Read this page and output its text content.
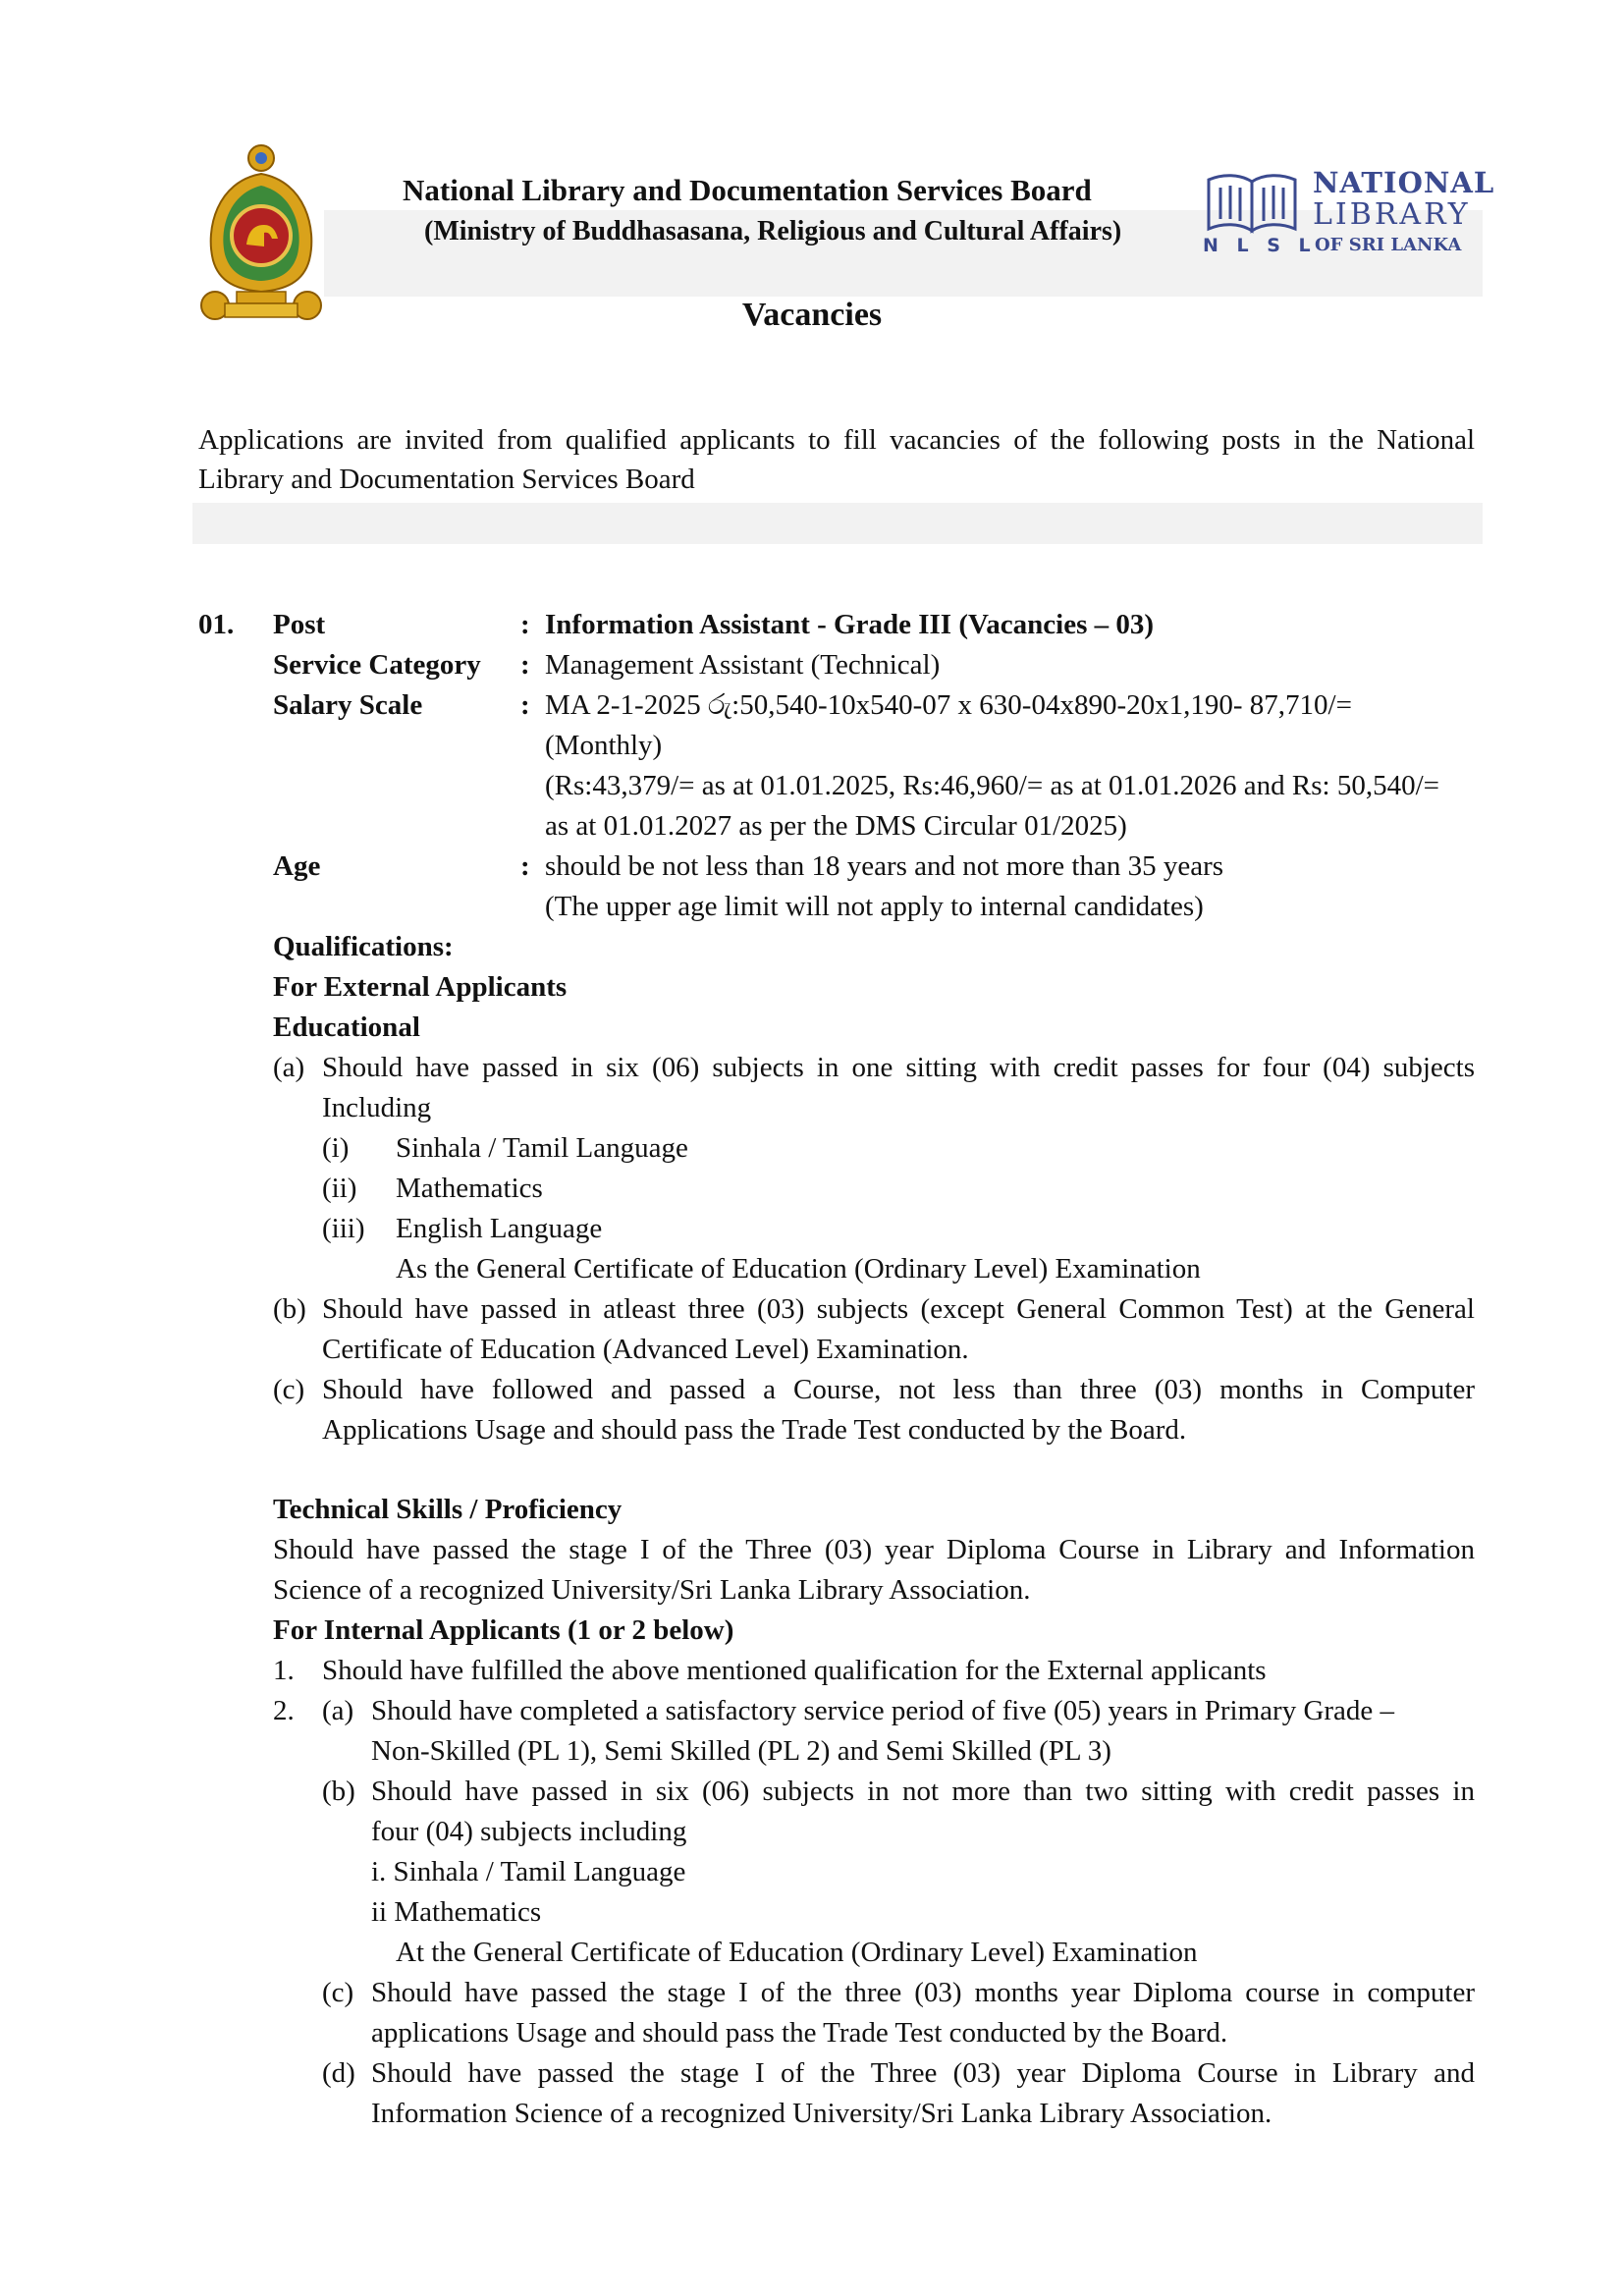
National Library and Documentation Services Board
(Ministry of Buddhasasana, Religious and Cultural Affairs)
NATIONAL
LIBRARY
N L S L
OF SRI LANKA
Vacancies
Applications are invited from qualified applicants to fill vacancies of the following posts in the National
Library and Documentation Services Board
01. Post	: Information Assistant - Grade III (Vacancies – 03)
Service Category : Management Assistant (Technical)
Salary Scale	: MA 2-1-2025 රු:50,540-10x540-07 x 630-04x890-20x1,190- 87,710/=
(Monthly)
(Rs:43,379/= as at 01.01.2025, Rs:46,960/= as at 01.01.2026 and Rs: 50,540/=
as at 01.01.2027 as per the DMS Circular 01/2025)
Age	: should be not less than 18 years and not more than 35 years
(The upper age limit will not apply to internal candidates)
Qualifications:
For External Applicants
Educational
(a) Should have passed in six (06) subjects in one sitting with credit passes for four (04) subjects
Including
(i) Sinhala / Tamil Language
(ii) Mathematics
(iii) English Language
As the General Certificate of Education (Ordinary Level) Examination
(b) Should have passed in atleast three (03) subjects (except General Common Test) at the General
Certificate of Education (Advanced Level) Examination.
(c) Should have followed and passed a Course, not less than three (03) months in Computer
Applications Usage and should pass the Trade Test conducted by the Board.
Technical Skills / Proficiency
Should have passed the stage I of the Three (03) year Diploma Course in Library and Information
Science of a recognized University/Sri Lanka Library Association.
For Internal Applicants (1 or 2 below)
1. Should have fulfilled the above mentioned qualification for the External applicants
2. (a) Should have completed a satisfactory service period of five (05) years in Primary Grade –
Non-Skilled (PL 1), Semi Skilled (PL 2) and Semi Skilled (PL 3)
(b) Should have passed in six (06) subjects in not more than two sitting with credit passes in
four (04) subjects including
i. Sinhala / Tamil Language
ii Mathematics
At the General Certificate of Education (Ordinary Level) Examination
(c) Should have passed the stage I of the three (03) months year Diploma course in computer
applications Usage and should pass the Trade Test conducted by the Board.
(d) Should have passed the stage I of the Three (03) year Diploma Course in Library and
Information Science of a recognized University/Sri Lanka Library Association.
